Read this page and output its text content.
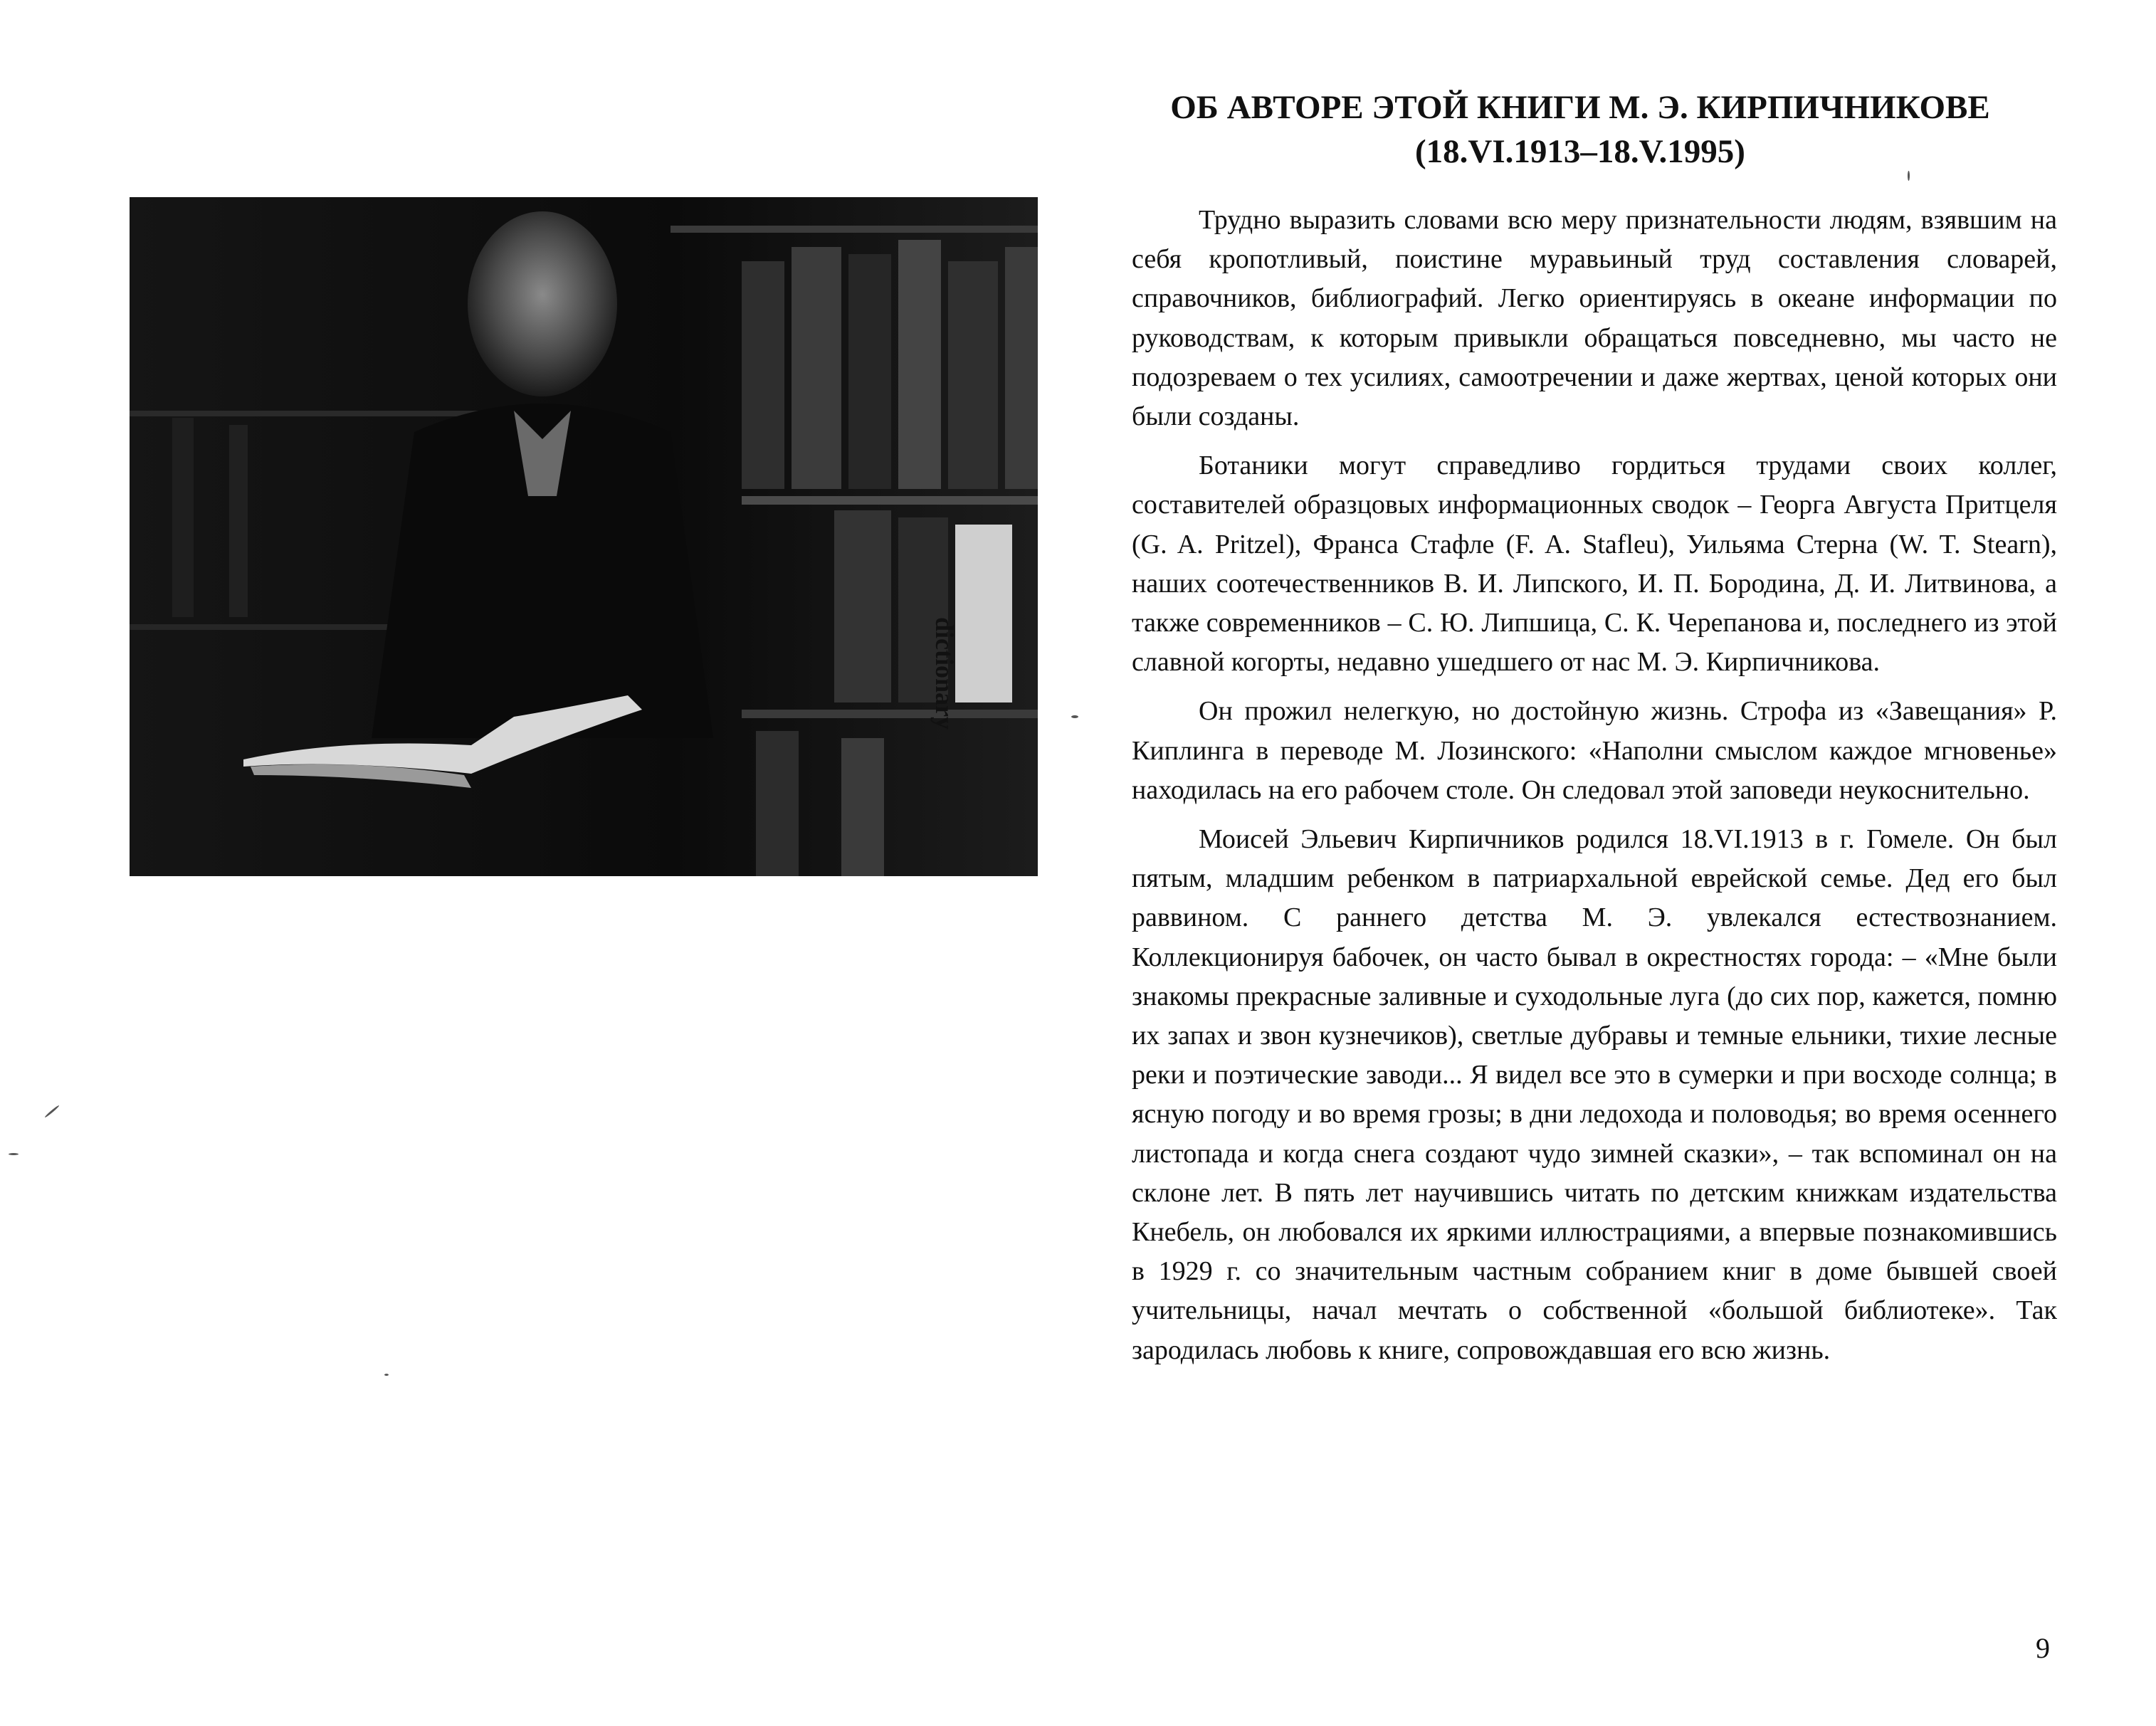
dictionary
ОБ АВТОРЕ ЭТОЙ КНИГИ М. Э. КИРПИЧНИКОВЕ
(18.VI.1913–18.V.1995)

Трудно выразить словами всю меру признательности людям, взявшим на себя кропотливый, поистине муравьиный труд составления словарей, справочников, библиографий. Легко ориентируясь в океане информации по руководствам, к которым привыкли обращаться повседневно, мы часто не подозреваем о тех усилиях, самоотречении и даже жертвах, ценой которых они были созданы.

Ботаники могут справедливо гордиться трудами своих коллег, составителей образцовых информационных сводок – Георга Августа Притцеля (G. A. Pritzel), Франса Стафле (F. A. Stafleu), Уильяма Стерна (W. T. Stearn), наших соотечественников В. И. Липского, И. П. Бородина, Д. И. Литвинова, а также современников – С. Ю. Липшица, С. К. Черепанова и, последнего из этой славной когорты, недавно ушедшего от нас М. Э. Кирпичникова.

Он прожил нелегкую, но достойную жизнь. Строфа из «Завещания» Р. Киплинга в переводе М. Лозинского: «Наполни смыслом каждое мгновенье» находилась на его рабочем столе. Он следовал этой заповеди неукоснительно.

Моисей Эльевич Кирпичников родился 18.VI.1913 в г. Гомеле. Он был пятым, младшим ребенком в патриархальной еврейской семье. Дед его был раввином. С раннего детства М. Э. увлекался естествознанием. Коллекционируя бабочек, он часто бывал в окрестностях города: – «Мне были знакомы прекрасные заливные и суходольные луга (до сих пор, кажется, помню их запах и звон кузнечиков), светлые дубравы и темные ельники, тихие лесные реки и поэтические заводи... Я видел все это в сумерки и при восходе солнца; в ясную погоду и во время грозы; в дни ледохода и половодья; во время осеннего листопада и когда снега создают чудо зимней сказки», – так вспоминал он на склоне лет. В пять лет научившись читать по детским книжкам издательства Кнебель, он любовался их яркими иллюстрациями, а впервые познакомившись в 1929 г. со значительным частным собранием книг в доме бывшей своей учительницы, начал мечтать о собственной «большой библиотеке». Так зародилась любовь к книге, сопровождавшая его всю жизнь.

9
